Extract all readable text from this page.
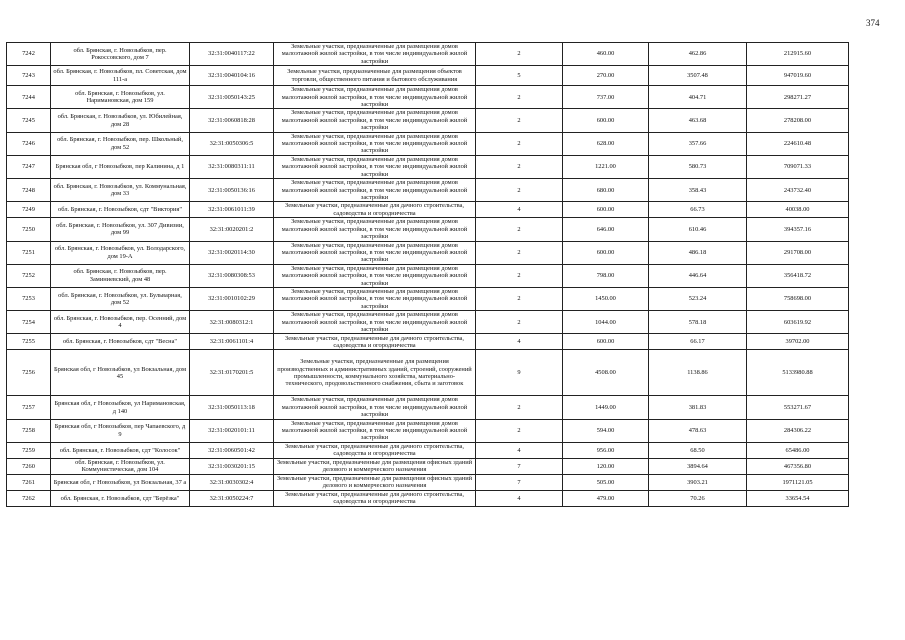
374
7242	обл. Брянская, г. Новозыбков, пер. Рокоссовского, дом 7	32:31:0040117:22	Земельные участки, предназначенные для размещения домов малоэтажной жилой застройки, в том числе индивидуальной жилой застройки	2	460.00	462.86	212915.60	
7243	обл. Брянская, г. Новозыбков, пл. Советская, дом 111-а	32:31:0040104:16	Земельные участки, предназначенные для размещения объектов торговли, общественного питания и бытового обслуживания	5	270.00	3507.48	947019.60	
7244	обл. Брянская, г. Новозыбков, ул. Наримановская, дом 159	32:31:0050143:25	Земельные участки, предназначенные для размещения домов малоэтажной жилой застройки, в том числе индивидуальной жилой застройки	2	737.00	404.71	298271.27	
7245	обл. Брянская, г. Новозыбков, ул. Юбилейная, дом 28	32:31:0060818:28	Земельные участки, предназначенные для размещения домов малоэтажной жилой застройки, в том числе индивидуальной жилой застройки	2	600.00	463.68	278208.00	
7246	обл. Брянская, г. Новозыбков, пер. Школьный, дом 52	32:31:0050306:5	Земельные участки, предназначенные для размещения домов малоэтажной жилой застройки, в том числе индивидуальной жилой застройки	2	628.00	357.66	224610.48	
7247	Брянская обл, г Новозыбков, пер Калинина, д 1	32:31:0080311:11	Земельные участки, предназначенные для размещения домов малоэтажной жилой застройки, в том числе индивидуальной жилой застройки	2	1221.00	580.73	709071.33	
7248	обл. Брянская, г. Новозыбков, ул. Коммунальная, дом 33	32:31:0050136:16	Земельные участки, предназначенные для размещения домов малоэтажной жилой застройки, в том числе индивидуальной жилой застройки	2	680.00	358.43	243732.40	
7249	обл. Брянская, г. Новозыбков, сдт "Виктория"	32:31:0061011:39	Земельные участки, предназначенные для дачного строительства, садоводства и огородничества	4	600.00	66.73	40038.00	
7250	обл. Брянская, г. Новозыбков, ул. 307 Дивизии, дом 99	32:31:0020201:2	Земельные участки, предназначенные для размещения домов малоэтажной жилой застройки, в том числе индивидуальной жилой застройки	2	646.00	610.46	394357.16	
7251	обл. Брянская, г. Новозыбков, ул. Володарского, дом 19-А	32:31:0020114:30	Земельные участки, предназначенные для размещения домов малоэтажной жилой застройки, в том числе индивидуальной жилой застройки	2	600.00	486.18	291708.00	
7252	обл. Брянская, г. Новозыбков, пер. Заминиевский, дом 48	32:31:0080308:53	Земельные участки, предназначенные для размещения домов малоэтажной жилой застройки, в том числе индивидуальной жилой застройки	2	798.00	446.64	356418.72	
7253	обл. Брянская, г. Новозыбков, ул. Бульварная, дом 52	32:31:0010102:29	Земельные участки, предназначенные для размещения домов малоэтажной жилой застройки, в том числе индивидуальной жилой застройки	2	1450.00	523.24	758698.00	
7254	обл. Брянская, г. Новозыбков, пер. Осенний, дом 4	32:31:0080312:1	Земельные участки, предназначенные для размещения домов малоэтажной жилой застройки, в том числе индивидуальной жилой застройки	2	1044.00	578.18	603619.92	
7255	обл. Брянская, г. Новозыбков, сдт "Весна"	32:31:0061101:4	Земельные участки, предназначенные для дачного строительства, садоводства и огородничества	4	600.00	66.17	39702.00	
7256	Брянская обл, г Новозыбков, ул Вокзальная, дом 45	32:31:0170201:5	Земельные участки, предназначенные для размещения производственных и административных зданий, строений, сооружений промышленности, коммунального хозяйства, материально-технического, продовольственного снабжения, сбыта и заготовок	9	4508.00	1138.86	5133980.88	
7257	Брянская обл, г Новозыбков, ул Наримановская, д 140	32:31:0050113:18	Земельные участки, предназначенные для размещения домов малоэтажной жилой застройки, в том числе индивидуальной жилой застройки	2	1449.00	381.83	553271.67	
7258	Брянская обл, г Новозыбков, пер Чапаевского, д 9	32:31:0020101:11	Земельные участки, предназначенные для размещения домов малоэтажной жилой застройки, в том числе индивидуальной жилой застройки	2	594.00	478.63	284306.22	
7259	обл. Брянская, г. Новозыбков, сдт "Колосок"	32:31:0060501:42	Земельные участки, предназначенные для дачного строительства, садоводства и огородничества	4	956.00	68.50	65486.00	
7260	обл. Брянская, г. Новозыбков, ул. Коммунистическая, дом 104	32:31:0030201:15	Земельные участки, предназначенные для размещения офисных зданий делового и коммерческого назначения	7	120.00	3894.64	467356.80	
7261	Брянская обл, г Новозыбков, ул Вокзальная, 37 а	32:31:0030302:4	Земельные участки, предназначенные для размещения офисных зданий делового и коммерческого назначения	7	505.00	3903.21	1971121.05	
7262	обл. Брянская, г. Новозыбков, сдт "Берёзка"	32:31:0050224:7	Земельные участки, предназначенные для дачного строительства, садоводства и огородничества	4	479.00	70.26	33654.54	
